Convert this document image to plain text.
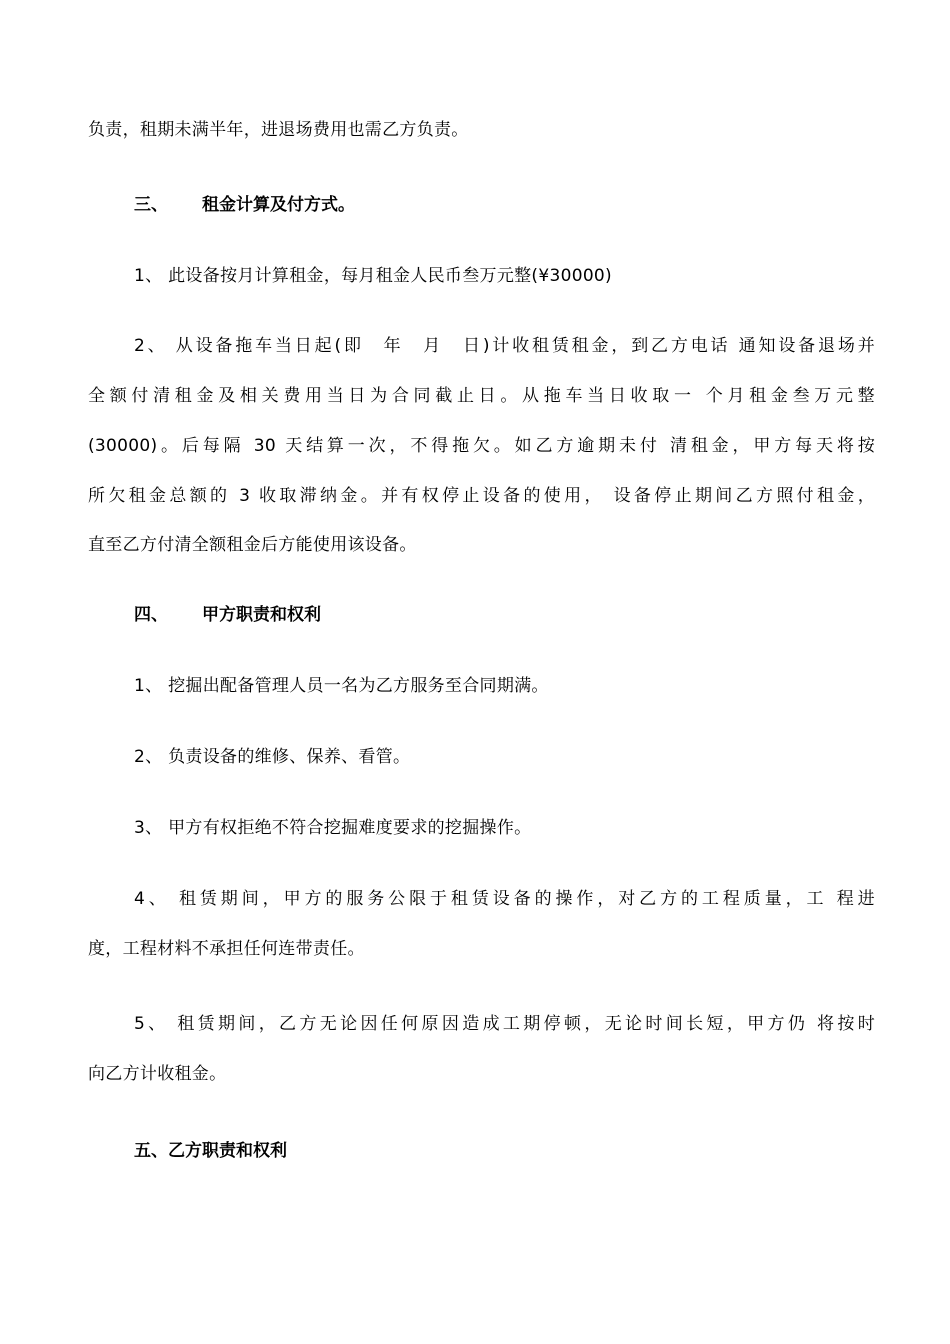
负责，租期未满半年，进退场费用也需乙方负责。
三、 租金计算及付方式。
1、 此设备按月计算租金，每月租金人民币叁万元整(¥30000)
2、 从设备拖车当日起(即　年　月　日)计收租赁租金，到乙方电话 通知设备退场并
全额付清租金及相关费用当日为合同截止日。从拖车当日收取一 个月租金叁万元整
(30000)。后每隔 30 天结算一次，不得拖欠。如乙方逾期未付 清租金，甲方每天将按
所欠租金总额的 3 收取滞纳金。并有权停止设备的使用， 设备停止期间乙方照付租金，
直至乙方付清全额租金后方能使用该设备。
四、 甲方职责和权利
1、 挖掘出配备管理人员一名为乙方服务至合同期满。
2、 负责设备的维修、保养、看管。
3、 甲方有权拒绝不符合挖掘难度要求的挖掘操作。
4、 租赁期间，甲方的服务公限于租赁设备的操作，对乙方的工程质量，工 程进
度，工程材料不承担任何连带责任。
5、 租赁期间，乙方无论因任何原因造成工期停顿，无论时间长短，甲方仍 将按时
向乙方计收租金。
五、乙方职责和权利
